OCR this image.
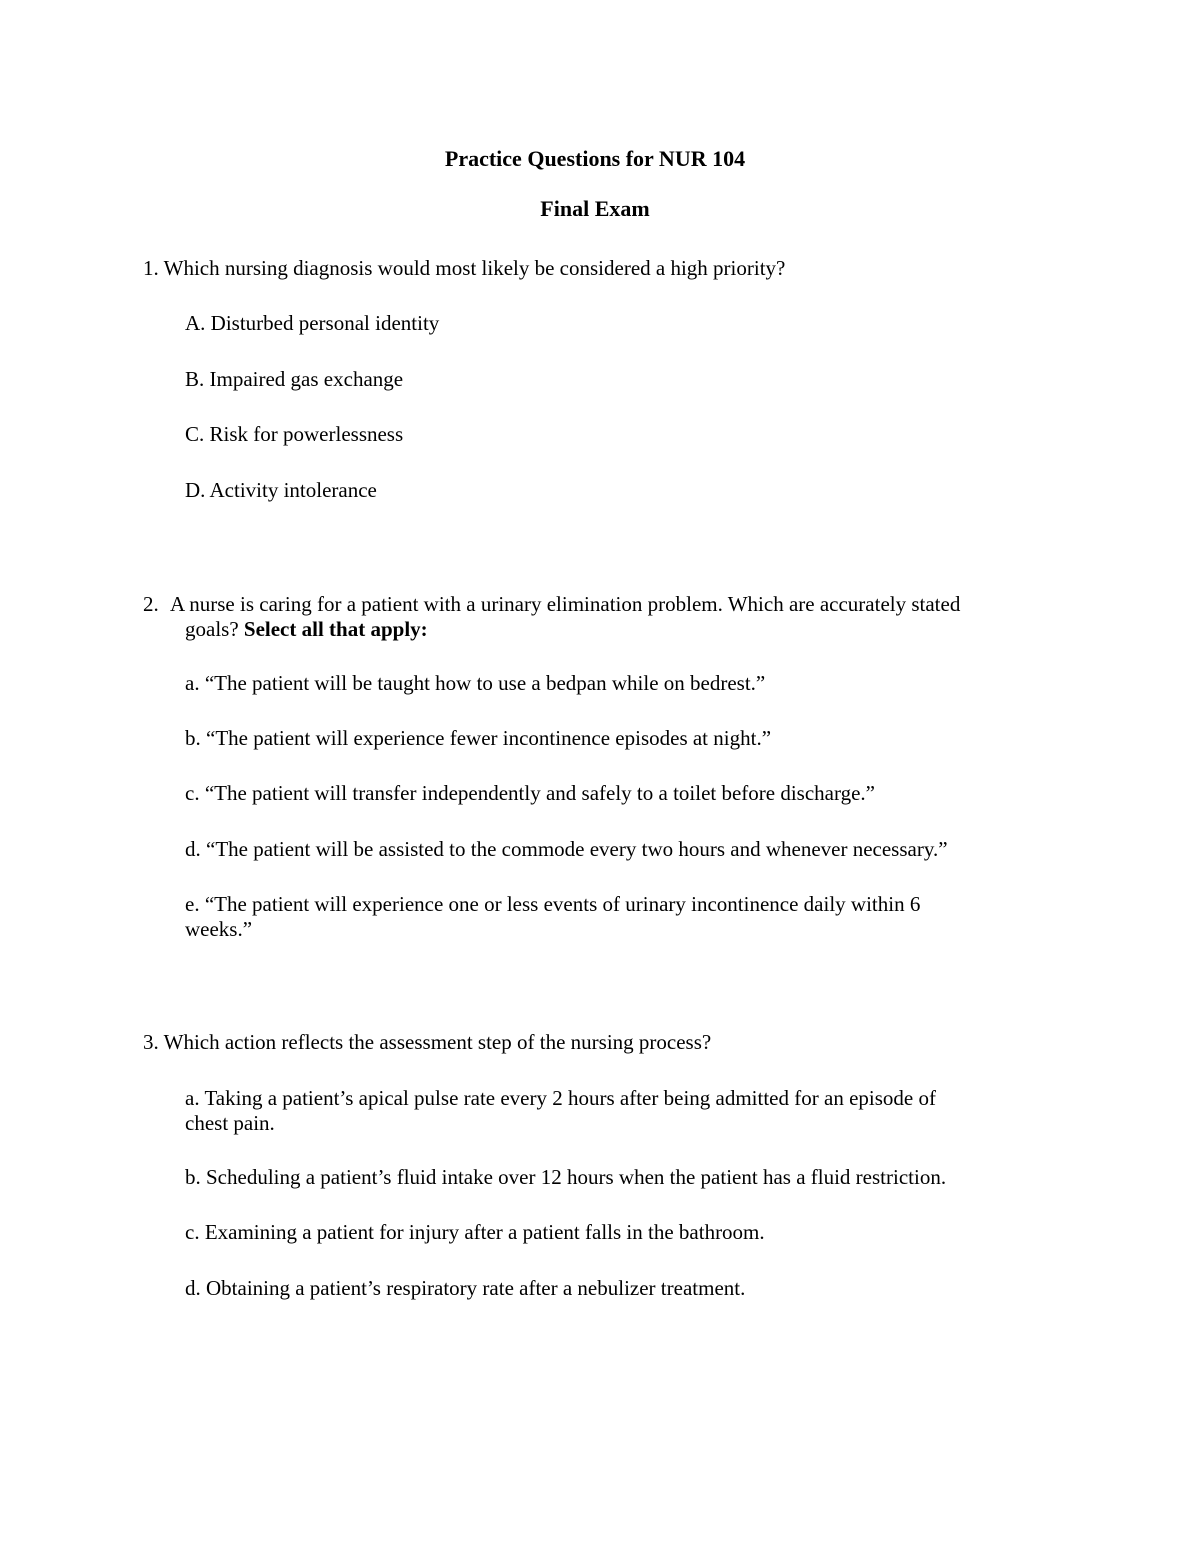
Practice Questions for NUR 104
Final Exam
1. Which nursing diagnosis would most likely be considered a high priority?
A. Disturbed personal identity
B. Impaired gas exchange
C. Risk for powerlessness
D. Activity intolerance
2. A nurse is caring for a patient with a urinary elimination problem. Which are accurately stated
goals? Select all that apply:
a. “The patient will be taught how to use a bedpan while on bedrest.”
b. “The patient will experience fewer incontinence episodes at night.”
c. “The patient will transfer independently and safely to a toilet before discharge.”
d. “The patient will be assisted to the commode every two hours and whenever necessary.”
e. “The patient will experience one or less events of urinary incontinence daily within 6
weeks.”
3. Which action reflects the assessment step of the nursing process?
a. Taking a patient’s apical pulse rate every 2 hours after being admitted for an episode of
chest pain.
b. Scheduling a patient’s fluid intake over 12 hours when the patient has a fluid restriction.
c. Examining a patient for injury after a patient falls in the bathroom.
d. Obtaining a patient’s respiratory rate after a nebulizer treatment.
